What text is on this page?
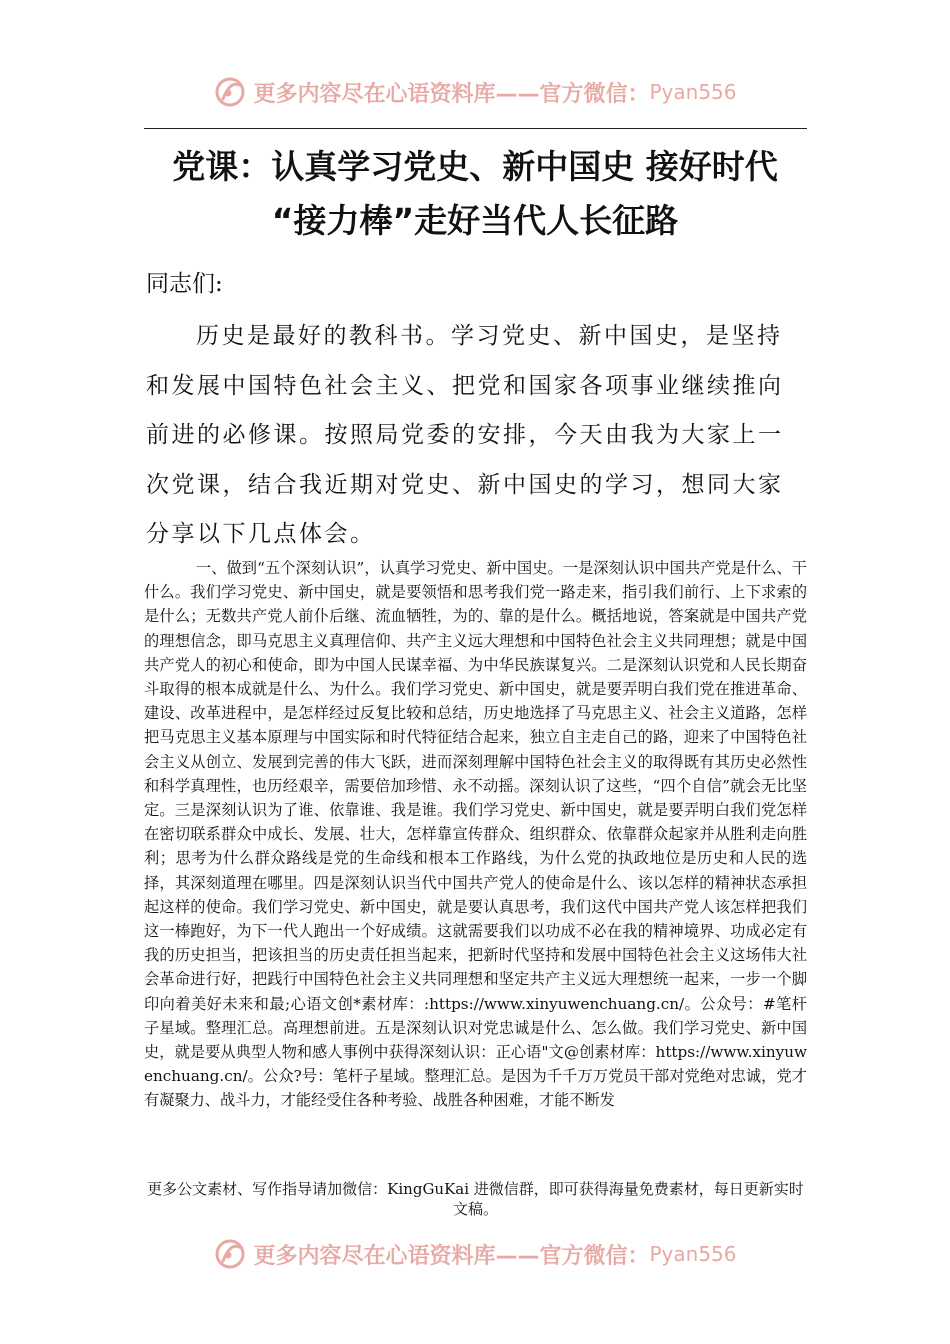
更多内容尽在心语资料库——官方微信： Pyan556
党课：认真学习党史、新中国史 接好时代
“接力棒”走好当代人长征路
同志们:

历史是最好的教科书。学习党史、新中国史，是坚持和发展中国特色社会主义、把党和国家各项事业继续推向前进的必修课。按照局党委的安排，今天由我为大家上一次党课，结合我近期对党史、新中国史的学习，想同大家分享以下几点体会。

一、做到“五个深刻认识”，认真学习党史、新中国史。一是深刻认识中国共产党是什么、干什么。我们学习党史、新中国史，就是要领悟和思考我们党一路走来，指引我们前行、上下求索的是什么；无数共产党人前仆后继、流血牺牲，为的、靠的是什么。概括地说，答案就是中国共产党的理想信念，即马克思主义真理信仰、共产主义远大理想和中国特色社会主义共同理想；就是中国共产党人的初心和使命，即为中国人民谋幸福、为中华民族谋复兴。二是深刻认识党和人民长期奋斗取得的根本成就是什么、为什么。我们学习党史、新中国史，就是要弄明白我们党在推进革命、建设、改革进程中，是怎样经过反复比较和总结，历史地选择了马克思主义、社会主义道路，怎样把马克思主义基本原理与中国实际和时代特征结合起来，独立自主走自己的路，迎来了中国特色社会主义从创立、发展到完善的伟大飞跃，进而深刻理解中国特色社会主义的取得既有其历史必然性和科学真理性，也历经艰辛，需要倍加珍惜、永不动摇。深刻认识了这些，“四个自信”就会无比坚定。三是深刻认识为了谁、依靠谁、我是谁。我们学习党史、新中国史，就是要弄明白我们党怎样在密切联系群众中成长、发展、壮大，怎样靠宣传群众、组织群众、依靠群众起家并从胜利走向胜利；思考为什么群众路线是党的生命线和根本工作路线，为什么党的执政地位是历史和人民的选择，其深刻道理在哪里。四是深刻认识当代中国共产党人的使命是什么、该以怎样的精神状态承担起这样的使命。我们学习党史、新中国史，就是要认真思考，我们这代中国共产党人该怎样把我们这一棒跑好，为下一代人跑出一个好成绩。这就需要我们以功成不必在我的精神境界、功成必定有我的历史担当，把该担当的历史责任担当起来，把新时代坚持和发展中国特色社会主义这场伟大社会革命进行好，把践行中国特色社会主义共同理想和坚定共产主义远大理想统一起来，一步一个脚印向着美好未来和最;心语文创*素材库：:https://www.xinyuwenchuang.cn/。公众号：#笔杆子星域。整理汇总。高理想前进。五是深刻认识对党忠诚是什么、怎么做。我们学习党史、新中国史，就是要从典型人物和感人事例中获得深刻认识：正心语"文@创素材库：https://www.xinyuwenchuang.cn/。公众?号：笔杆子星域。整理汇总。是因为千千万万党员干部对党绝对忠诚，党才有凝聚力、战斗力，才能经受住各种考验、战胜各种困难，才能不断发

更多公文素材、写作指导请加微信：KingGuKai 进微信群，即可获得海量免费素材，每日更新实时文稿。
更多内容尽在心语资料库——官方微信： Pyan556
